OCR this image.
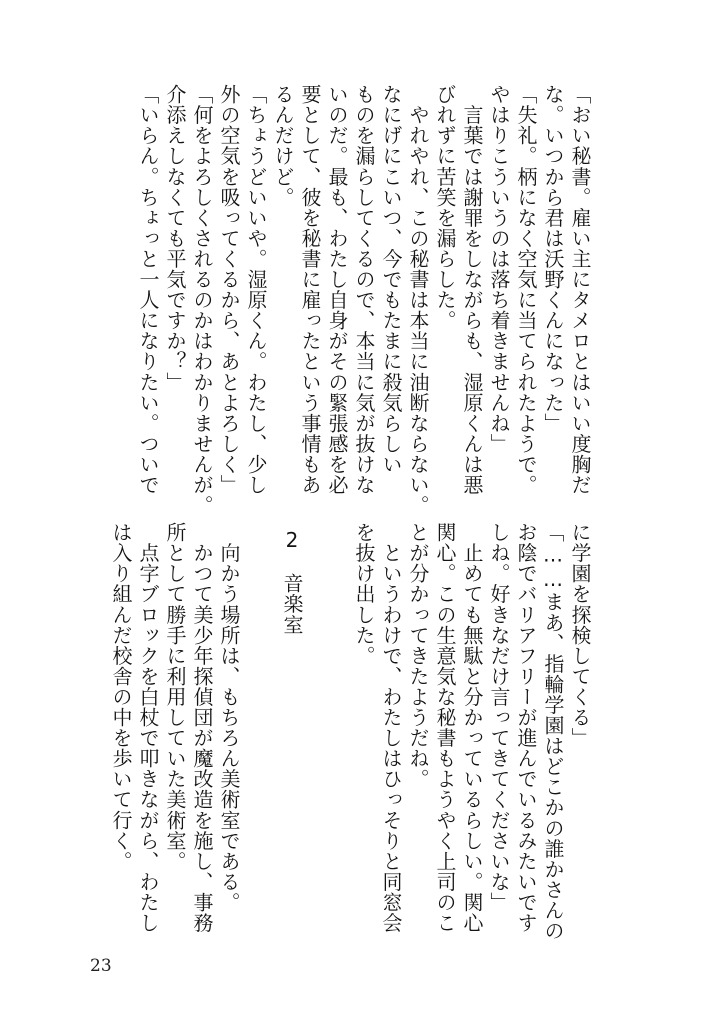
「おい秘書。雇い主にタメロとはいい度胸だ

な。いつから君は沃野くんになった」

「失礼。柄になく空気に当てられたようで。

やはりこういうのは落ち着きませんね」

　言葉では謝罪をしながらも、湿原くんは悪

びれずに苦笑を漏らした。

　やれやれ、この秘書は本当に油断ならない。

なにげにこいつ、今でもたまに殺気らしい

ものを漏らしてくるので、本当に気が抜けな

いのだ。最も、わたし自身がその緊張感を必

要として、彼を秘書に雇ったという事情もあ

るんだけど。

「ちょうどいいや。湿原くん。わたし、少し

外の空気を吸ってくるから、あとよろしく」

「何をよろしくされるのかはわかりませんが。

介添えしなくても平気ですか？」

「いらん。ちょっと一人になりたい。ついで

に学園を探検してくる」

「……まあ、指輪学園はどこかの誰かさんの

お陰でバリアフリーが進んでいるみたいです

しね。好きなだけ言ってきてくださいな」

　止めても無駄と分かっているらしい。関心

関心。この生意気な秘書もようやく上司のこ

とが分かってきたようだね。

　というわけで、わたしはひっそりと同窓会

を抜け出した。

2　音楽室

　向かう場所は、もちろん美術室である。

　かつて美少年探偵団が魔改造を施し、事務

所として勝手に利用していた美術室。

　点字ブロックを白杖で叩きながら、わたし

は入り組んだ校舎の中を歩いて行く。

23
